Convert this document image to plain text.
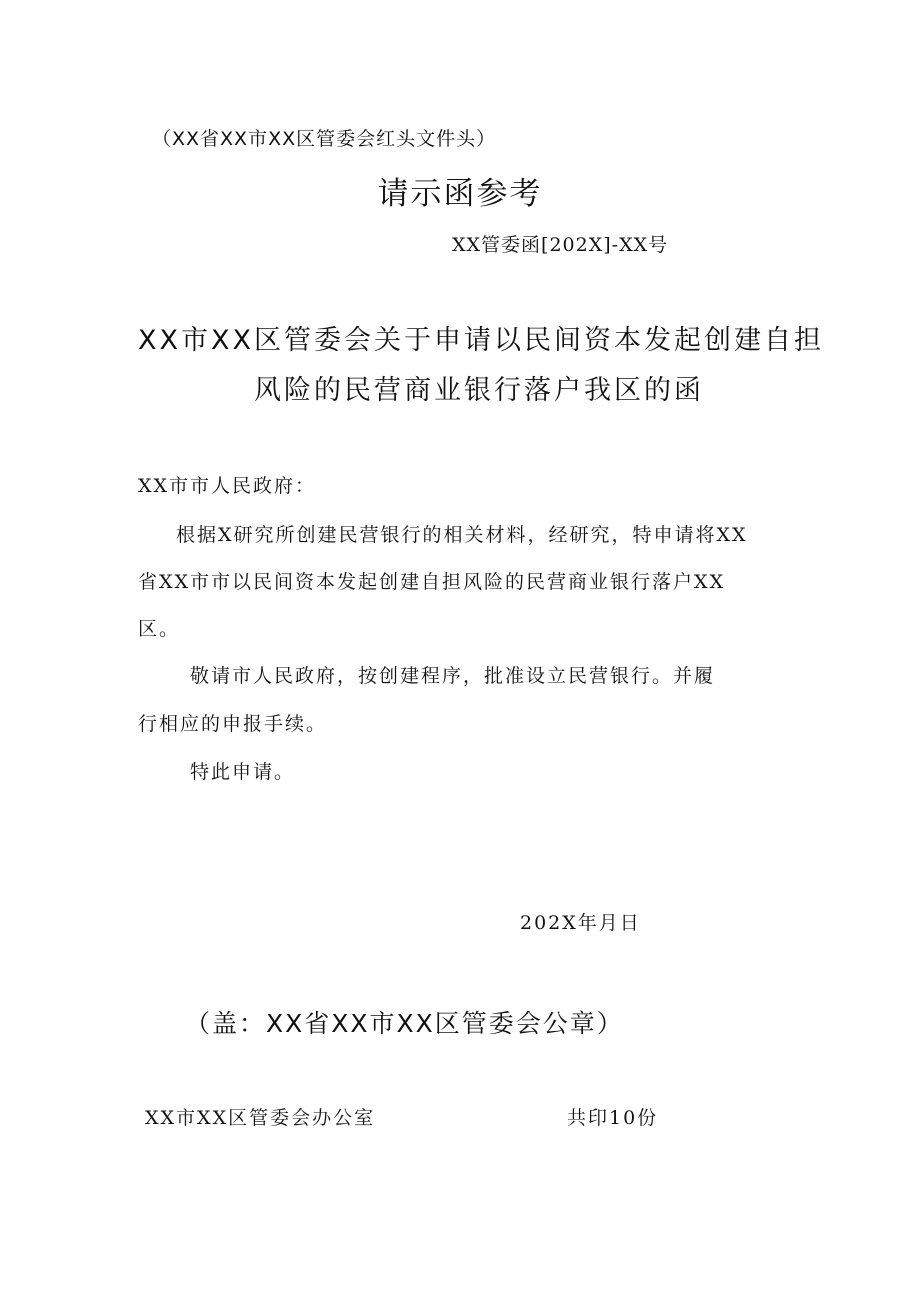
（XX省XX市XX区管委会红头文件头）
请示函参考
XX管委函[202X]-XX号
XX市XX区管委会关于申请以民间资本发起创建自担
风险的民营商业银行落户我区的函
XX市市人民政府：
根据X研究所创建民营银行的相关材料，经研究，特申请将XX
省XX市市以民间资本发起创建自担风险的民营商业银行落户XX
区。
敬请市人民政府，按创建程序，批准设立民营银行。并履
行相应的申报手续。
特此申请。
202X年月日
（盖：XX省XX市XX区管委会公章）
XX市XX区管委会办公室	共印10份
